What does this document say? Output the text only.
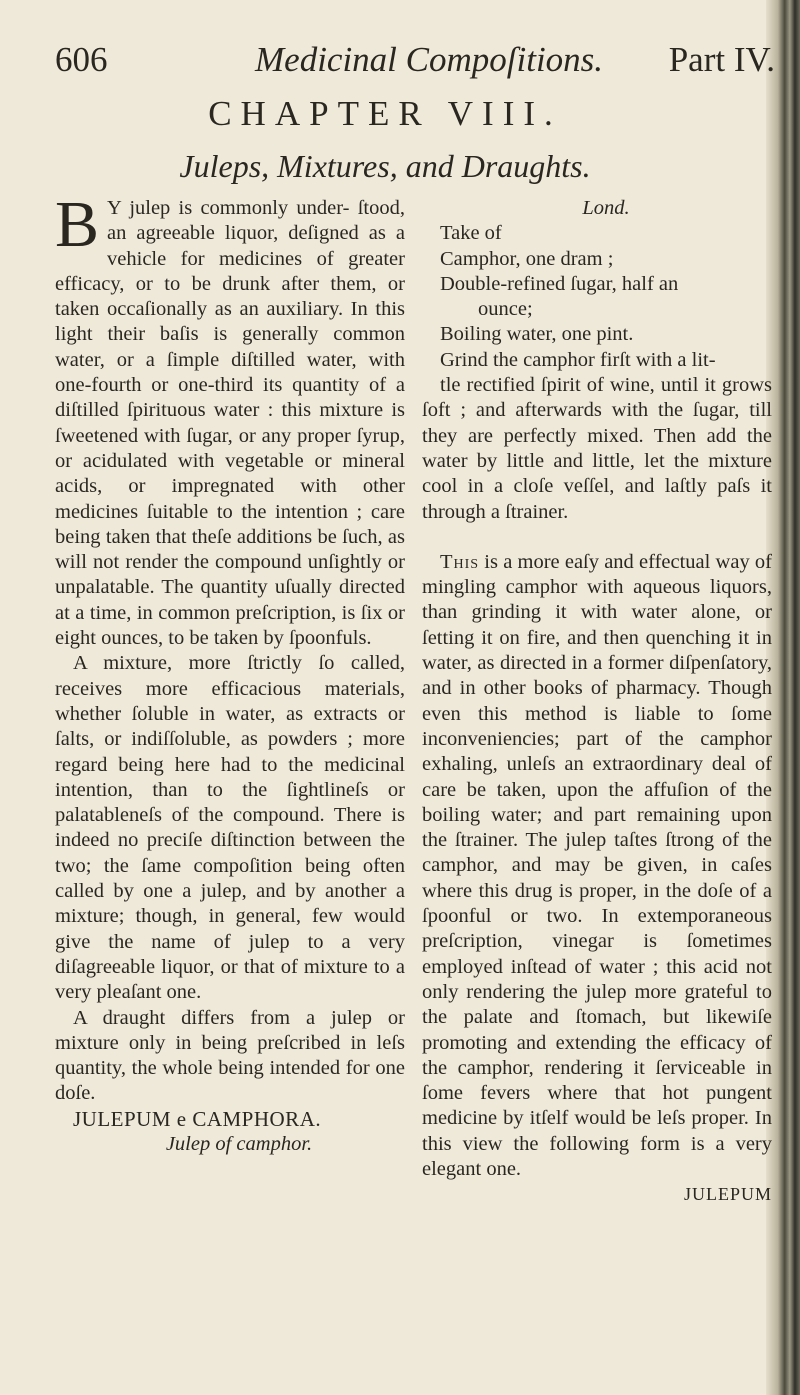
606	Medicinal Compoſitions. Part IV.
CHAPTER VIII.
Juleps, Mixtures, and Draughts.

B Y julep is commonly under- ſtood, an agreeable liquor, deſigned as a vehicle for medicines of greater efficacy, or to be drunk after them, or taken occaſionally as an auxiliary. In this light their baſis is generally common water, or a ſimple diſtilled water, with one-fourth or one-third its quantity of a diſtilled ſpirituous water : this mixture is ſweetened with ſugar, or any proper ſyrup, or acidulated with vegetable or mineral acids, or impregnated with other medicines ſuitable to the intention ; care being taken that theſe additions be ſuch, as will not render the compound unſightly or unpalatable. The quantity uſually directed at a time, in common preſcription, is ſix or eight ounces, to be taken by ſpoonfuls.

A mixture, more ſtrictly ſo called, receives more efficacious materials, whether ſoluble in water, as extracts or ſalts, or indiſſoluble, as powders ; more regard being here had to the medicinal intention, than to the ſightlineſs or palatableneſs of the compound. There is indeed no preciſe diſtinction between the two; the ſame compoſition being often called by one a julep, and by another a mixture; though, in general, few would give the name of julep to a very diſagreeable liquor, or that of mixture to a very pleaſant one.

A draught differs from a julep or mixture only in being preſcribed in leſs quantity, the whole being intended for one doſe.

JULEPUM e CAMPHORA.

Julep of camphor.

Lond.

Take of

Camphor, one dram ;

Double-refined ſugar, half an

ounce;

Boiling water, one pint.

Grind the camphor firſt with a lit-

tle rectified ſpirit of wine, until it grows ſoft ; and afterwards with the ſugar, till they are perfectly mixed. Then add the water by little and little, let the mixture cool in a cloſe veſſel, and laſtly paſs it through a ſtrainer.

This is a more eaſy and effectual way of mingling camphor with aqueous liquors, than grinding it with water alone, or ſetting it on fire, and then quenching it in water, as directed in a former diſpenſatory, and in other books of pharmacy. Though even this method is liable to ſome inconveniencies; part of the camphor exhaling, unleſs an extraordinary deal of care be taken, upon the affuſion of the boiling water; and part remaining upon the ſtrainer. The julep taſtes ſtrong of the camphor, and may be given, in caſes where this drug is proper, in the doſe of a ſpoonful or two. In extemporaneous preſcription, vinegar is ſometimes employed inſtead of water ; this acid not only rendering the julep more grateful to the palate and ſtomach, but likewiſe promoting and extending the efficacy of the camphor, rendering it ſerviceable in ſome fevers where that hot pungent medicine by itſelf would be leſs proper. In this view the following form is a very elegant one.

JULEPUM
